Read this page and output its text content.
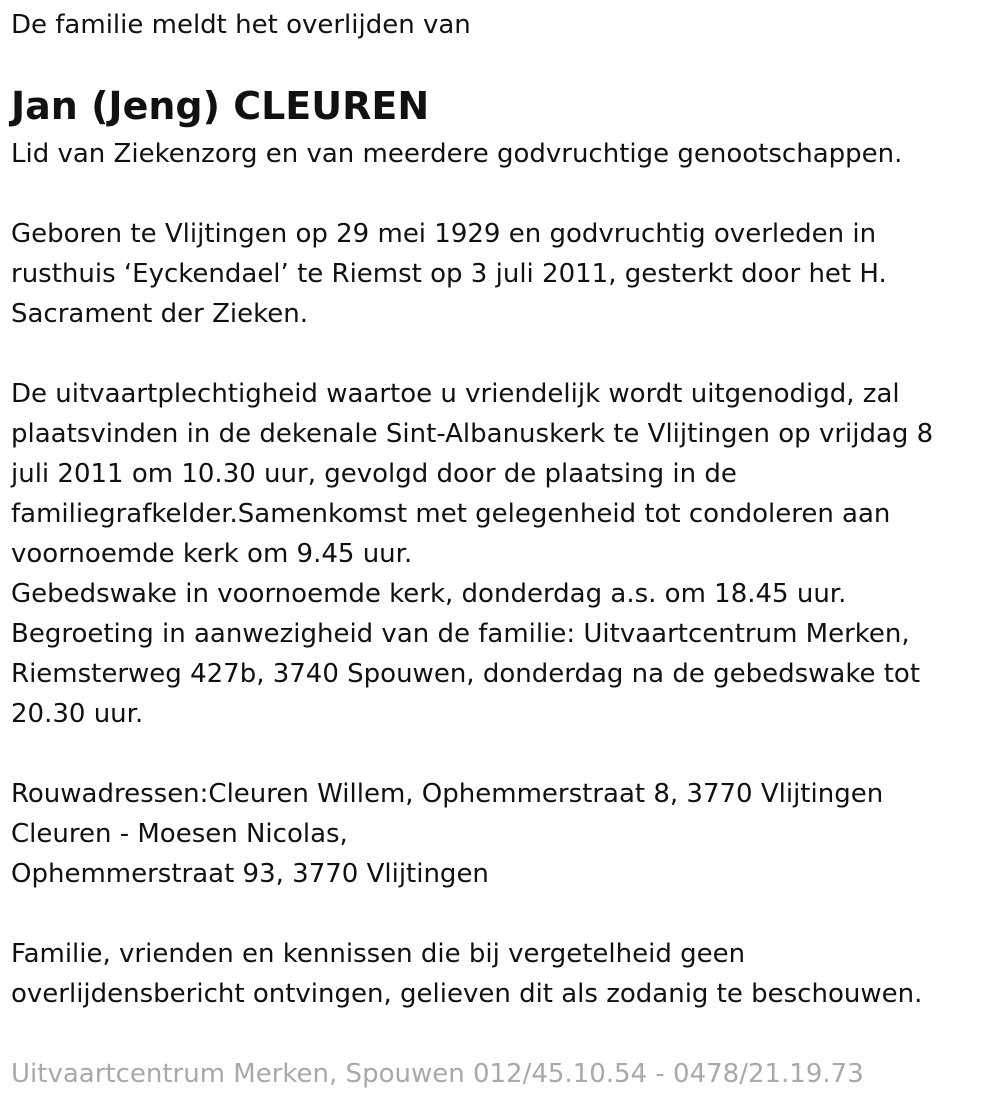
De familie meldt het overlijden van
Jan (Jeng) CLEUREN
Lid van Ziekenzorg en van meerdere godvruchtige genootschappen.
Geboren te Vlijtingen op 29 mei 1929 en godvruchtig overleden in
rusthuis ‘Eyckendael’ te Riemst op 3 juli 2011, gesterkt door het H.
Sacrament der Zieken.
De uitvaartplechtigheid waartoe u vriendelijk wordt uitgenodigd, zal
plaatsvinden in de dekenale Sint-Albanuskerk te Vlijtingen op vrijdag 8
juli 2011 om 10.30 uur, gevolgd door de plaatsing in de
familiegrafkelder.Samenkomst met gelegenheid tot condoleren aan
voornoemde kerk om 9.45 uur.
Gebedswake in voornoemde kerk, donderdag a.s. om 18.45 uur.
Begroeting in aanwezigheid van de familie: Uitvaartcentrum Merken,
Riemsterweg 427b, 3740 Spouwen, donderdag na de gebedswake tot
20.30 uur.
Rouwadressen:Cleuren Willem, Ophemmerstraat 8, 3770 Vlijtingen
Cleuren - Moesen Nicolas,
Ophemmerstraat 93, 3770 Vlijtingen
Familie, vrienden en kennissen die bij vergetelheid geen
overlijdensbericht ontvingen, gelieven dit als zodanig te beschouwen.
Uitvaartcentrum Merken, Spouwen 012/45.10.54 - 0478/21.19.73
